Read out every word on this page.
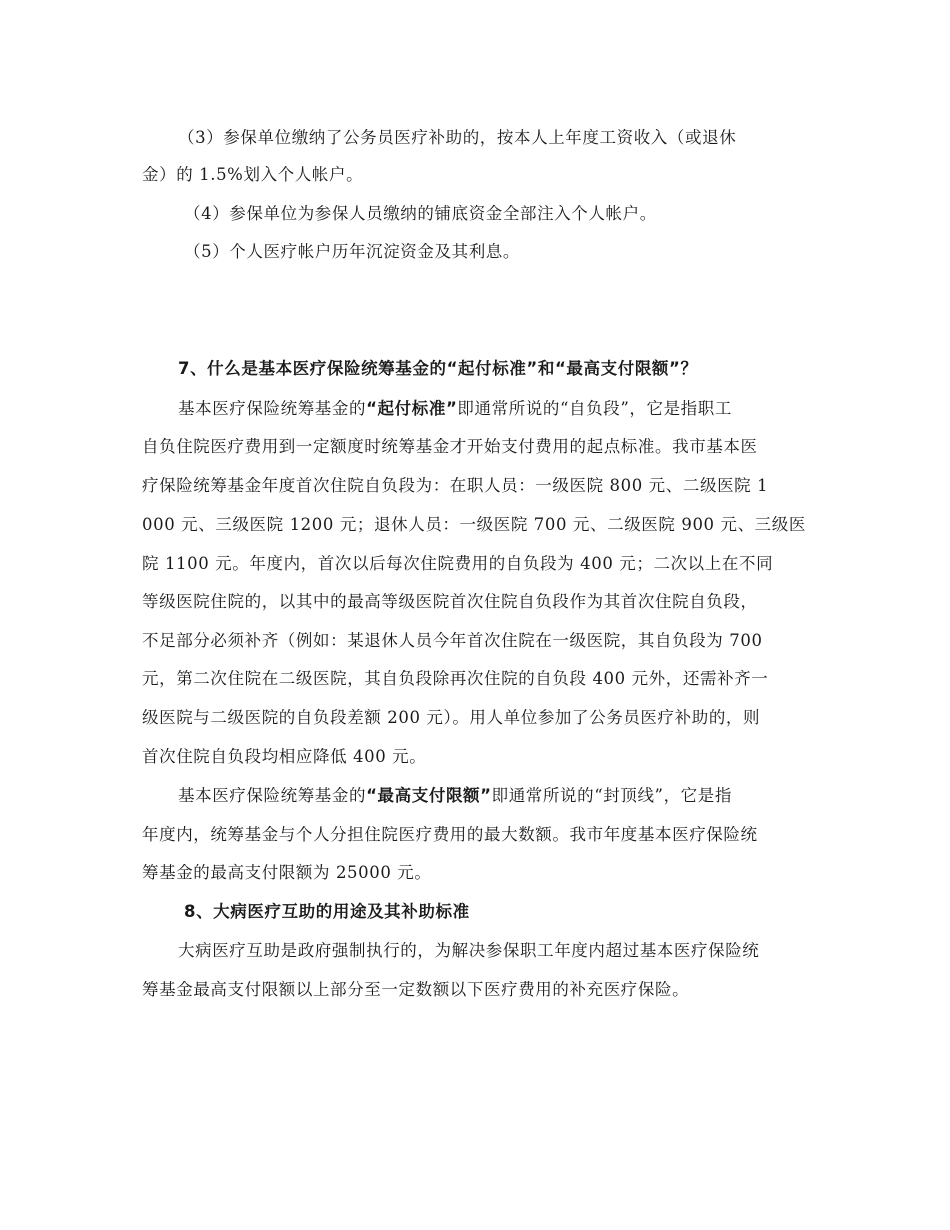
（3）参保单位缴纳了公务员医疗补助的，按本人上年度工资收入（或退休
金）的 1.5%划入个人帐户。
（4）参保单位为参保人员缴纳的铺底资金全部注入个人帐户。
（5）个人医疗帐户历年沉淀资金及其利息。
7、什么是基本医疗保险统筹基金的“起付标准”和“最高支付限额”？
基本医疗保险统筹基金的“起付标准”即通常所说的“自负段”，它是指职工
自负住院医疗费用到一定额度时统筹基金才开始支付费用的起点标准。我市基本医
疗保险统筹基金年度首次住院自负段为：在职人员：一级医院 800 元、二级医院 1
000 元、三级医院 1200 元；退休人员：一级医院 700 元、二级医院 900 元、三级医
院 1100 元。年度内，首次以后每次住院费用的自负段为 400 元；二次以上在不同
等级医院住院的，以其中的最高等级医院首次住院自负段作为其首次住院自负段，
不足部分必须补齐（例如：某退休人员今年首次住院在一级医院，其自负段为 700
元，第二次住院在二级医院，其自负段除再次住院的自负段 400 元外，还需补齐一
级医院与二级医院的自负段差额 200 元）。用人单位参加了公务员医疗补助的，则
首次住院自负段均相应降低 400 元。
基本医疗保险统筹基金的“最高支付限额”即通常所说的“封顶线”，它是指
年度内，统筹基金与个人分担住院医疗费用的最大数额。我市年度基本医疗保险统
筹基金的最高支付限额为 25000 元。
8、大病医疗互助的用途及其补助标准
大病医疗互助是政府强制执行的，为解决参保职工年度内超过基本医疗保险统
筹基金最高支付限额以上部分至一定数额以下医疗费用的补充医疗保险。
